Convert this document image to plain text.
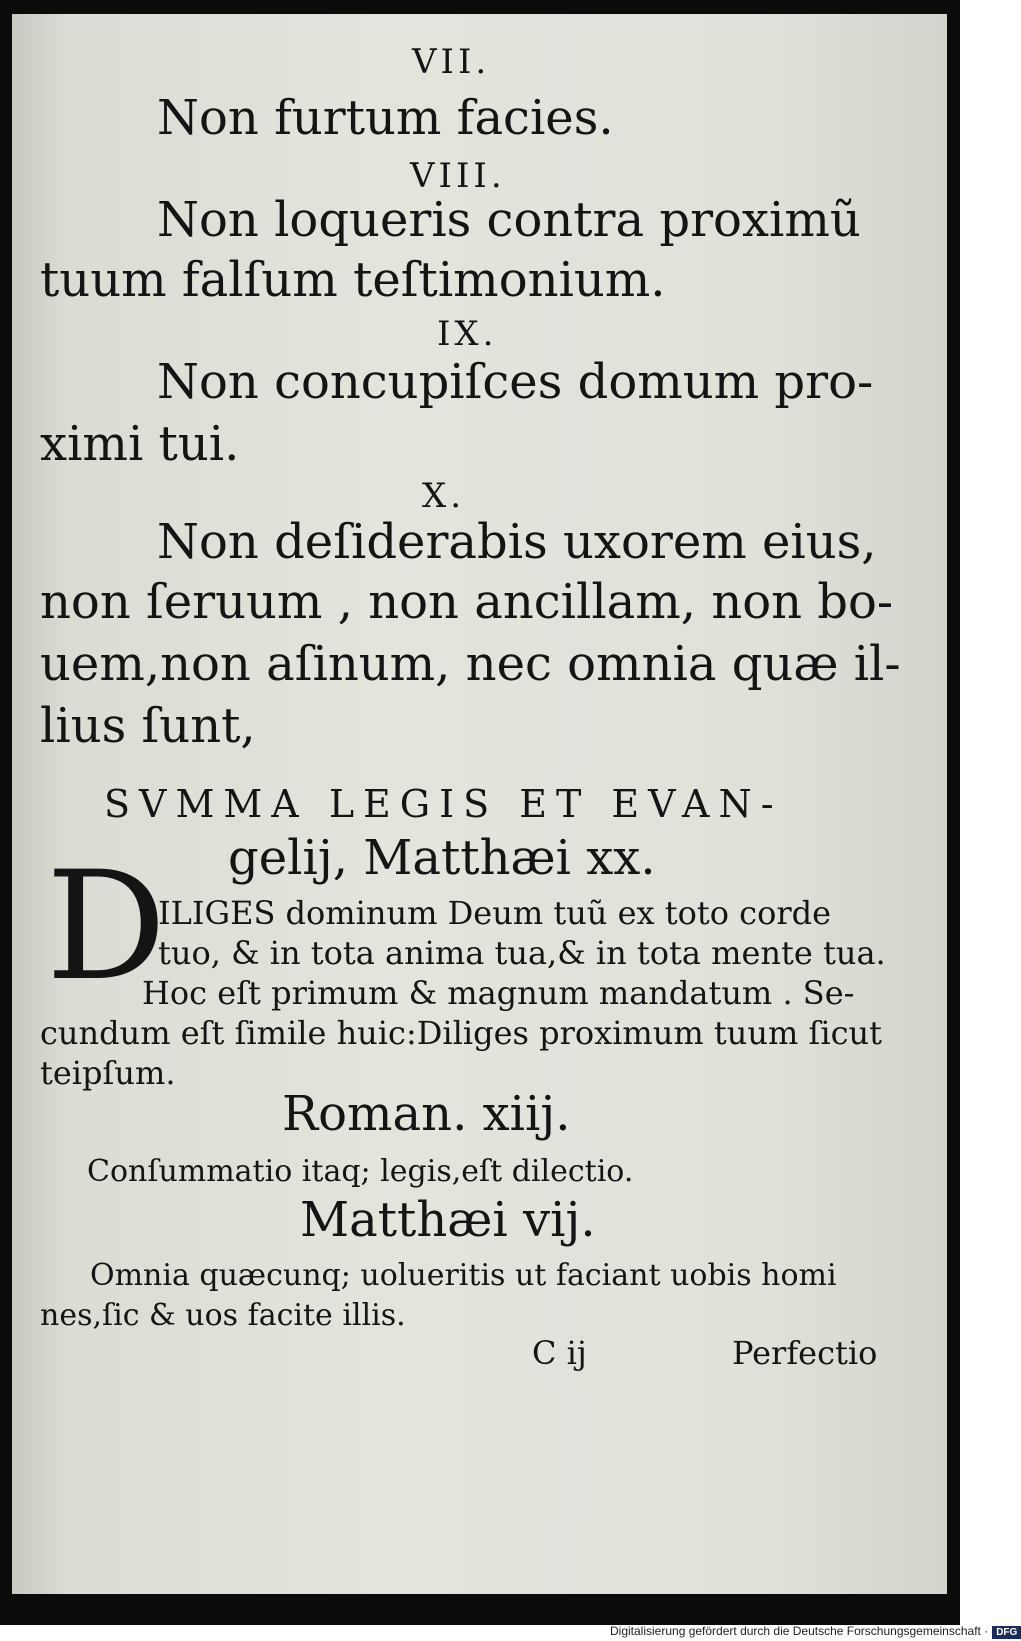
VII.
Non furtum facies.
VIII.
Non loqueris contra proximũ
tuum falſum teſtimonium.
IX.
Non concupiſces domum pro-
ximi tui.
X.
Non deſiderabis uxorem eius,
non ſeruum , non ancillam, non bo-
uem,non aſinum, nec omnia quæ il-
lius ſunt,
SVMMA LEGIS ET EVAN-
gelij, Matthæi xx.
D
ILIGES dominum Deum tuũ ex toto corde
tuo, & in tota anima tua,& in tota mente tua.
Hoc eſt primum & magnum mandatum . Se-
cundum eſt ſimile huic:Diliges proximum tuum ſicut
teipſum.
Roman. xiij.
Conſummatio itaq; legis,eſt dilectio.
Matthæi vij.
Omnia quæcunq; uolueritis ut faciant uobis homi
nes,ſic & uos facite illis.
C ij	Perfectio
Digitalisierung gefördert durch die Deutsche Forschungsgemeinschaft · DFG
